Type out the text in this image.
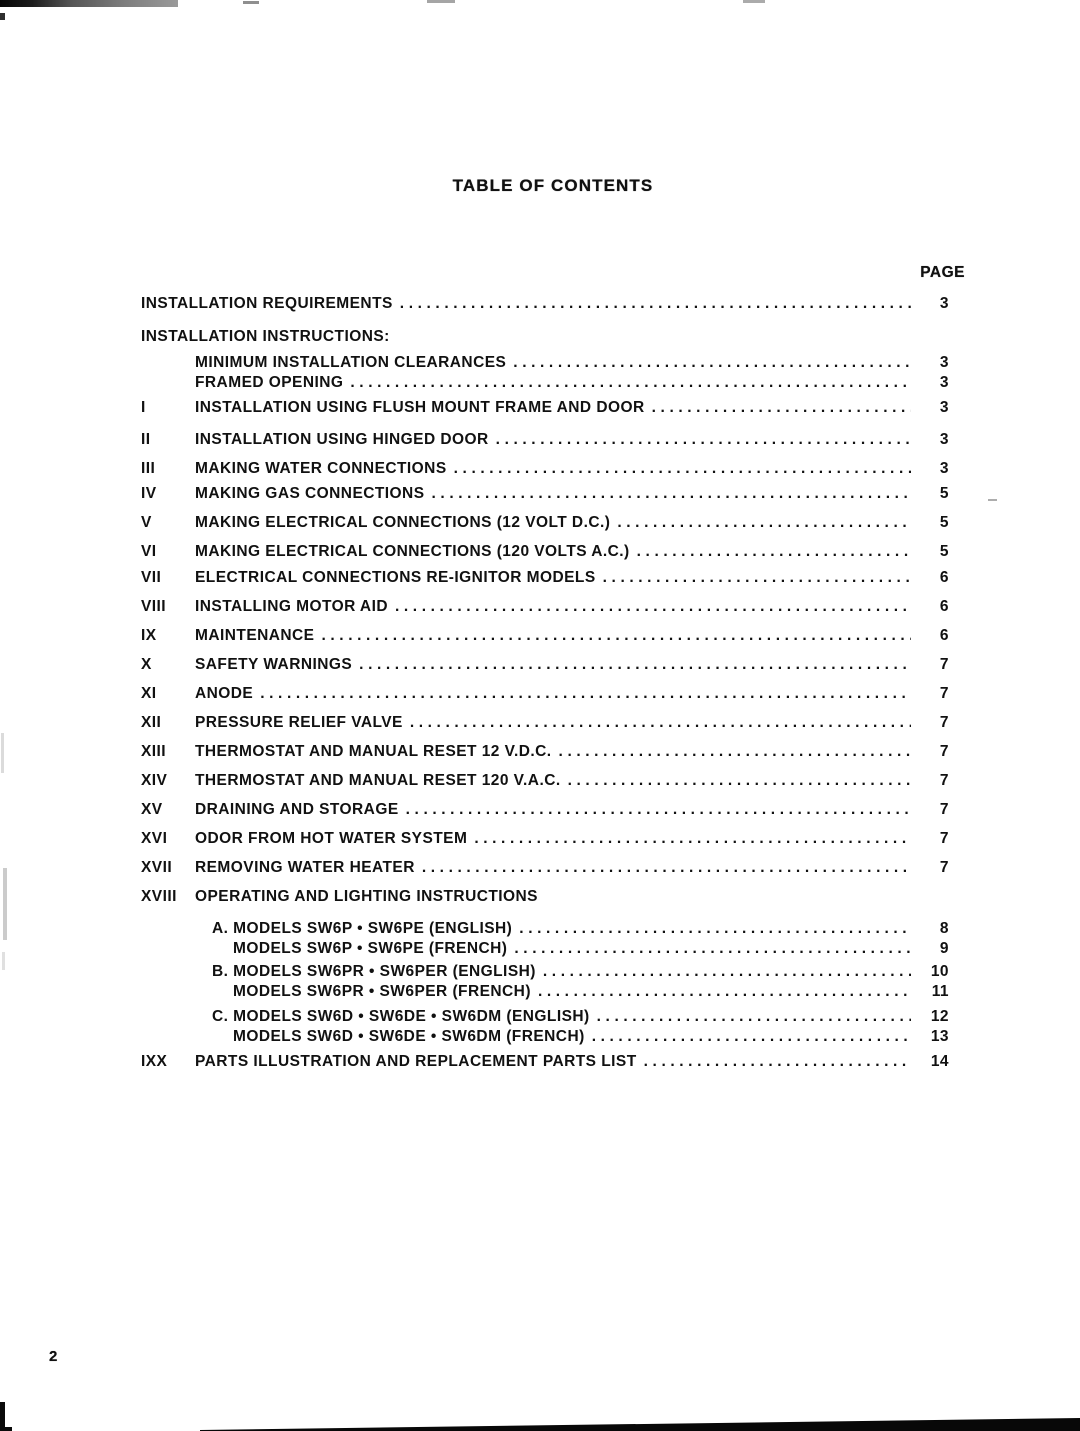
TABLE OF CONTENTS
PAGE
INSTALLATION REQUIREMENTS .....	3
INSTALLATION INSTRUCTIONS:
MINIMUM INSTALLATION CLEARANCES .....	3
FRAMED OPENING .....	3
I	INSTALLATION USING FLUSH MOUNT FRAME AND DOOR .....	3
II	INSTALLATION USING HINGED DOOR .....	3
III	MAKING WATER CONNECTIONS .....	3
IV	MAKING GAS CONNECTIONS .....	5
V	MAKING ELECTRICAL CONNECTIONS (12 VOLT D.C.) .....	5
VI	MAKING ELECTRICAL CONNECTIONS (120 VOLTS A.C.) .....	5
VII	ELECTRICAL CONNECTIONS RE-IGNITOR MODELS .....	6
VIII	INSTALLING MOTOR AID .....	6
IX	MAINTENANCE .....	6
X	SAFETY WARNINGS .....	7
XI	ANODE .....	7
XII	PRESSURE RELIEF VALVE .....	7
XIII	THERMOSTAT AND MANUAL RESET 12 V.D.C. .....	7
XIV	THERMOSTAT AND MANUAL RESET 120 V.A.C. .....	7
XV	DRAINING AND STORAGE .....	7
XVI	ODOR FROM HOT WATER SYSTEM .....	7
XVII	REMOVING WATER HEATER .....	7
XVIII	OPERATING AND LIGHTING INSTRUCTIONS
A. MODELS SW6P • SW6PE (ENGLISH) .....	8
MODELS SW6P • SW6PE (FRENCH) .....	9
B. MODELS SW6PR • SW6PER (ENGLISH) .....	10
MODELS SW6PR • SW6PER (FRENCH) .....	11
C. MODELS SW6D • SW6DE • SW6DM (ENGLISH) .....	12
MODELS SW6D • SW6DE • SW6DM (FRENCH) .....	13
IXX	PARTS ILLUSTRATION AND REPLACEMENT PARTS LIST .....	14
2
